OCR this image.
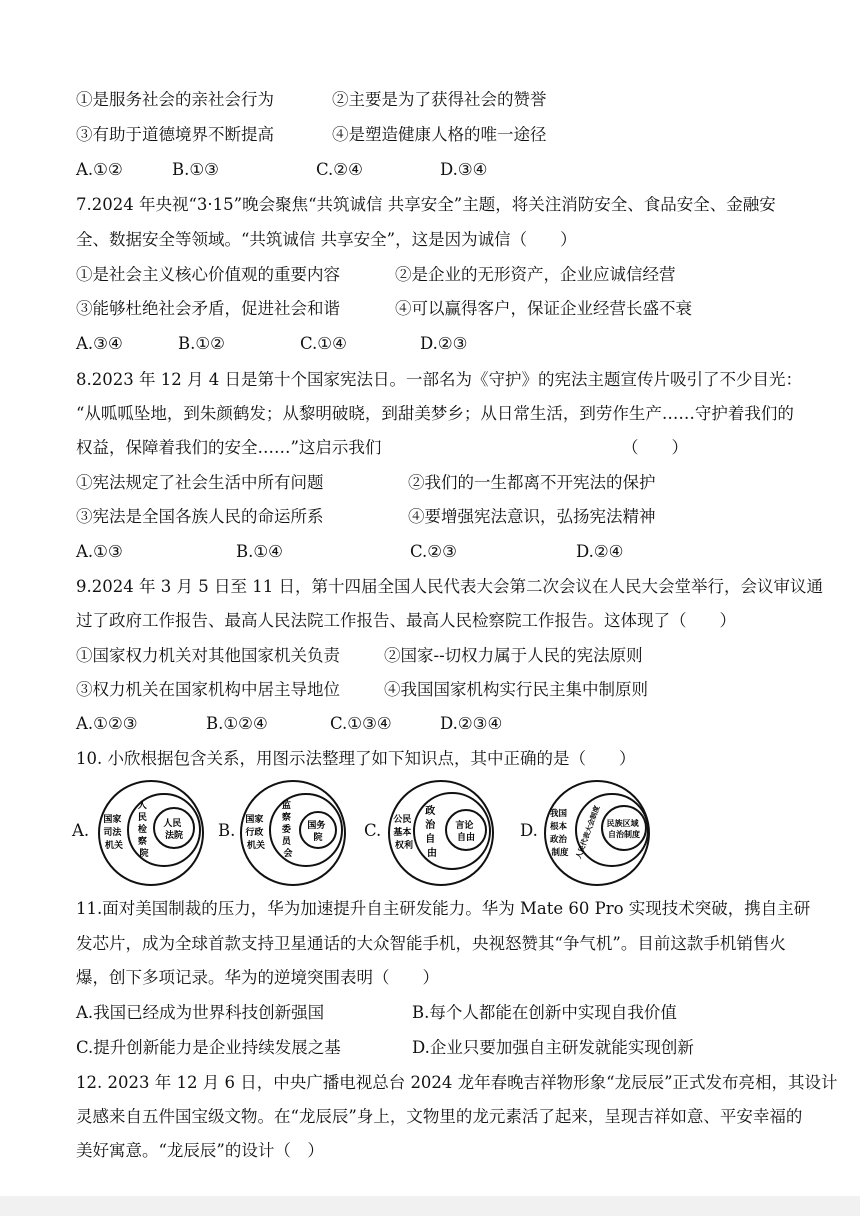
①是服务社会的亲社会行为	②主要是为了获得社会的赞誉
③有助于道德境界不断提高	④是塑造健康人格的唯一途径
A.①②	B.①③	C.②④	D.③④
7.2024 年央视“3·15”晚会聚焦“共筑诚信 共享安全”主题，将关注消防安全、食品安全、金融安
全、数据安全等领域。“共筑诚信 共享安全”，这是因为诚信（　　）
①是社会主义核心价值观的重要内容	②是企业的无形资产，企业应诚信经营
③能够杜绝社会矛盾，促进社会和谐	④可以赢得客户，保证企业经营长盛不衰
A.③④	B.①②	C.①④	D.②③
8.2023 年 12 月 4 日是第十个国家宪法日。一部名为《守护》的宪法主题宣传片吸引了不少目光：
“从呱呱坠地，到朱颜鹤发；从黎明破晓，到甜美梦乡；从日常生活，到劳作生产……守护着我们的
权益，保障着我们的安全……”这启示我们	（　　）
①宪法规定了社会生活中所有问题	②我们的一生都离不开宪法的保护
③宪法是全国各族人民的命运所系	④要增强宪法意识，弘扬宪法精神
A.①③	B.①④	C.②③	D.②④
9.2024 年 3 月 5 日至 11 日，第十四届全国人民代表大会第二次会议在人民大会堂举行，会议审议通
过了政府工作报告、最高人民法院工作报告、最高人民检察院工作报告。这体现了（　　）
①国家权力机关对其他国家机关负责	②国家--切权力属于人民的宪法原则
③权力机关在国家机构中居主导地位	④我国国家机构实行民主集中制原则
A.①②③	B.①②④	C.①③④	D.②③④
10. 小欣根据包含关系，用图示法整理了如下知识点，其中正确的是（　　）
A.	B.	C.	D.
国家 司法 机关
人 民 检 察 院
人民 法院
国家 行政 机关
监 察 委 员 会
国务 院
公民 基本 权利
政 治 自 由
言论 自由
我国 根本 政治 制度 人民代表大会制度 民族区域 自治制度
11.面对美国制裁的压力，华为加速提升自主研发能力。华为 Mate 60 Pro 实现技术突破，携自主研
发芯片，成为全球首款支持卫星通话的大众智能手机，央视怒赞其“争气机”。目前这款手机销售火
爆，创下多项记录。华为的逆境突围表明（　　）
A.我国已经成为世界科技创新强国	B.每个人都能在创新中实现自我价值
C.提升创新能力是企业持续发展之基	D.企业只要加强自主研发就能实现创新
12. 2023 年 12 月 6 日，中央广播电视总台 2024 龙年春晚吉祥物形象“龙辰辰”正式发布亮相，其设计
灵感来自五件国宝级文物。在“龙辰辰”身上，文物里的龙元素活了起来，呈现吉祥如意、平安幸福的
美好寓意。“龙辰辰”的设计（　）
